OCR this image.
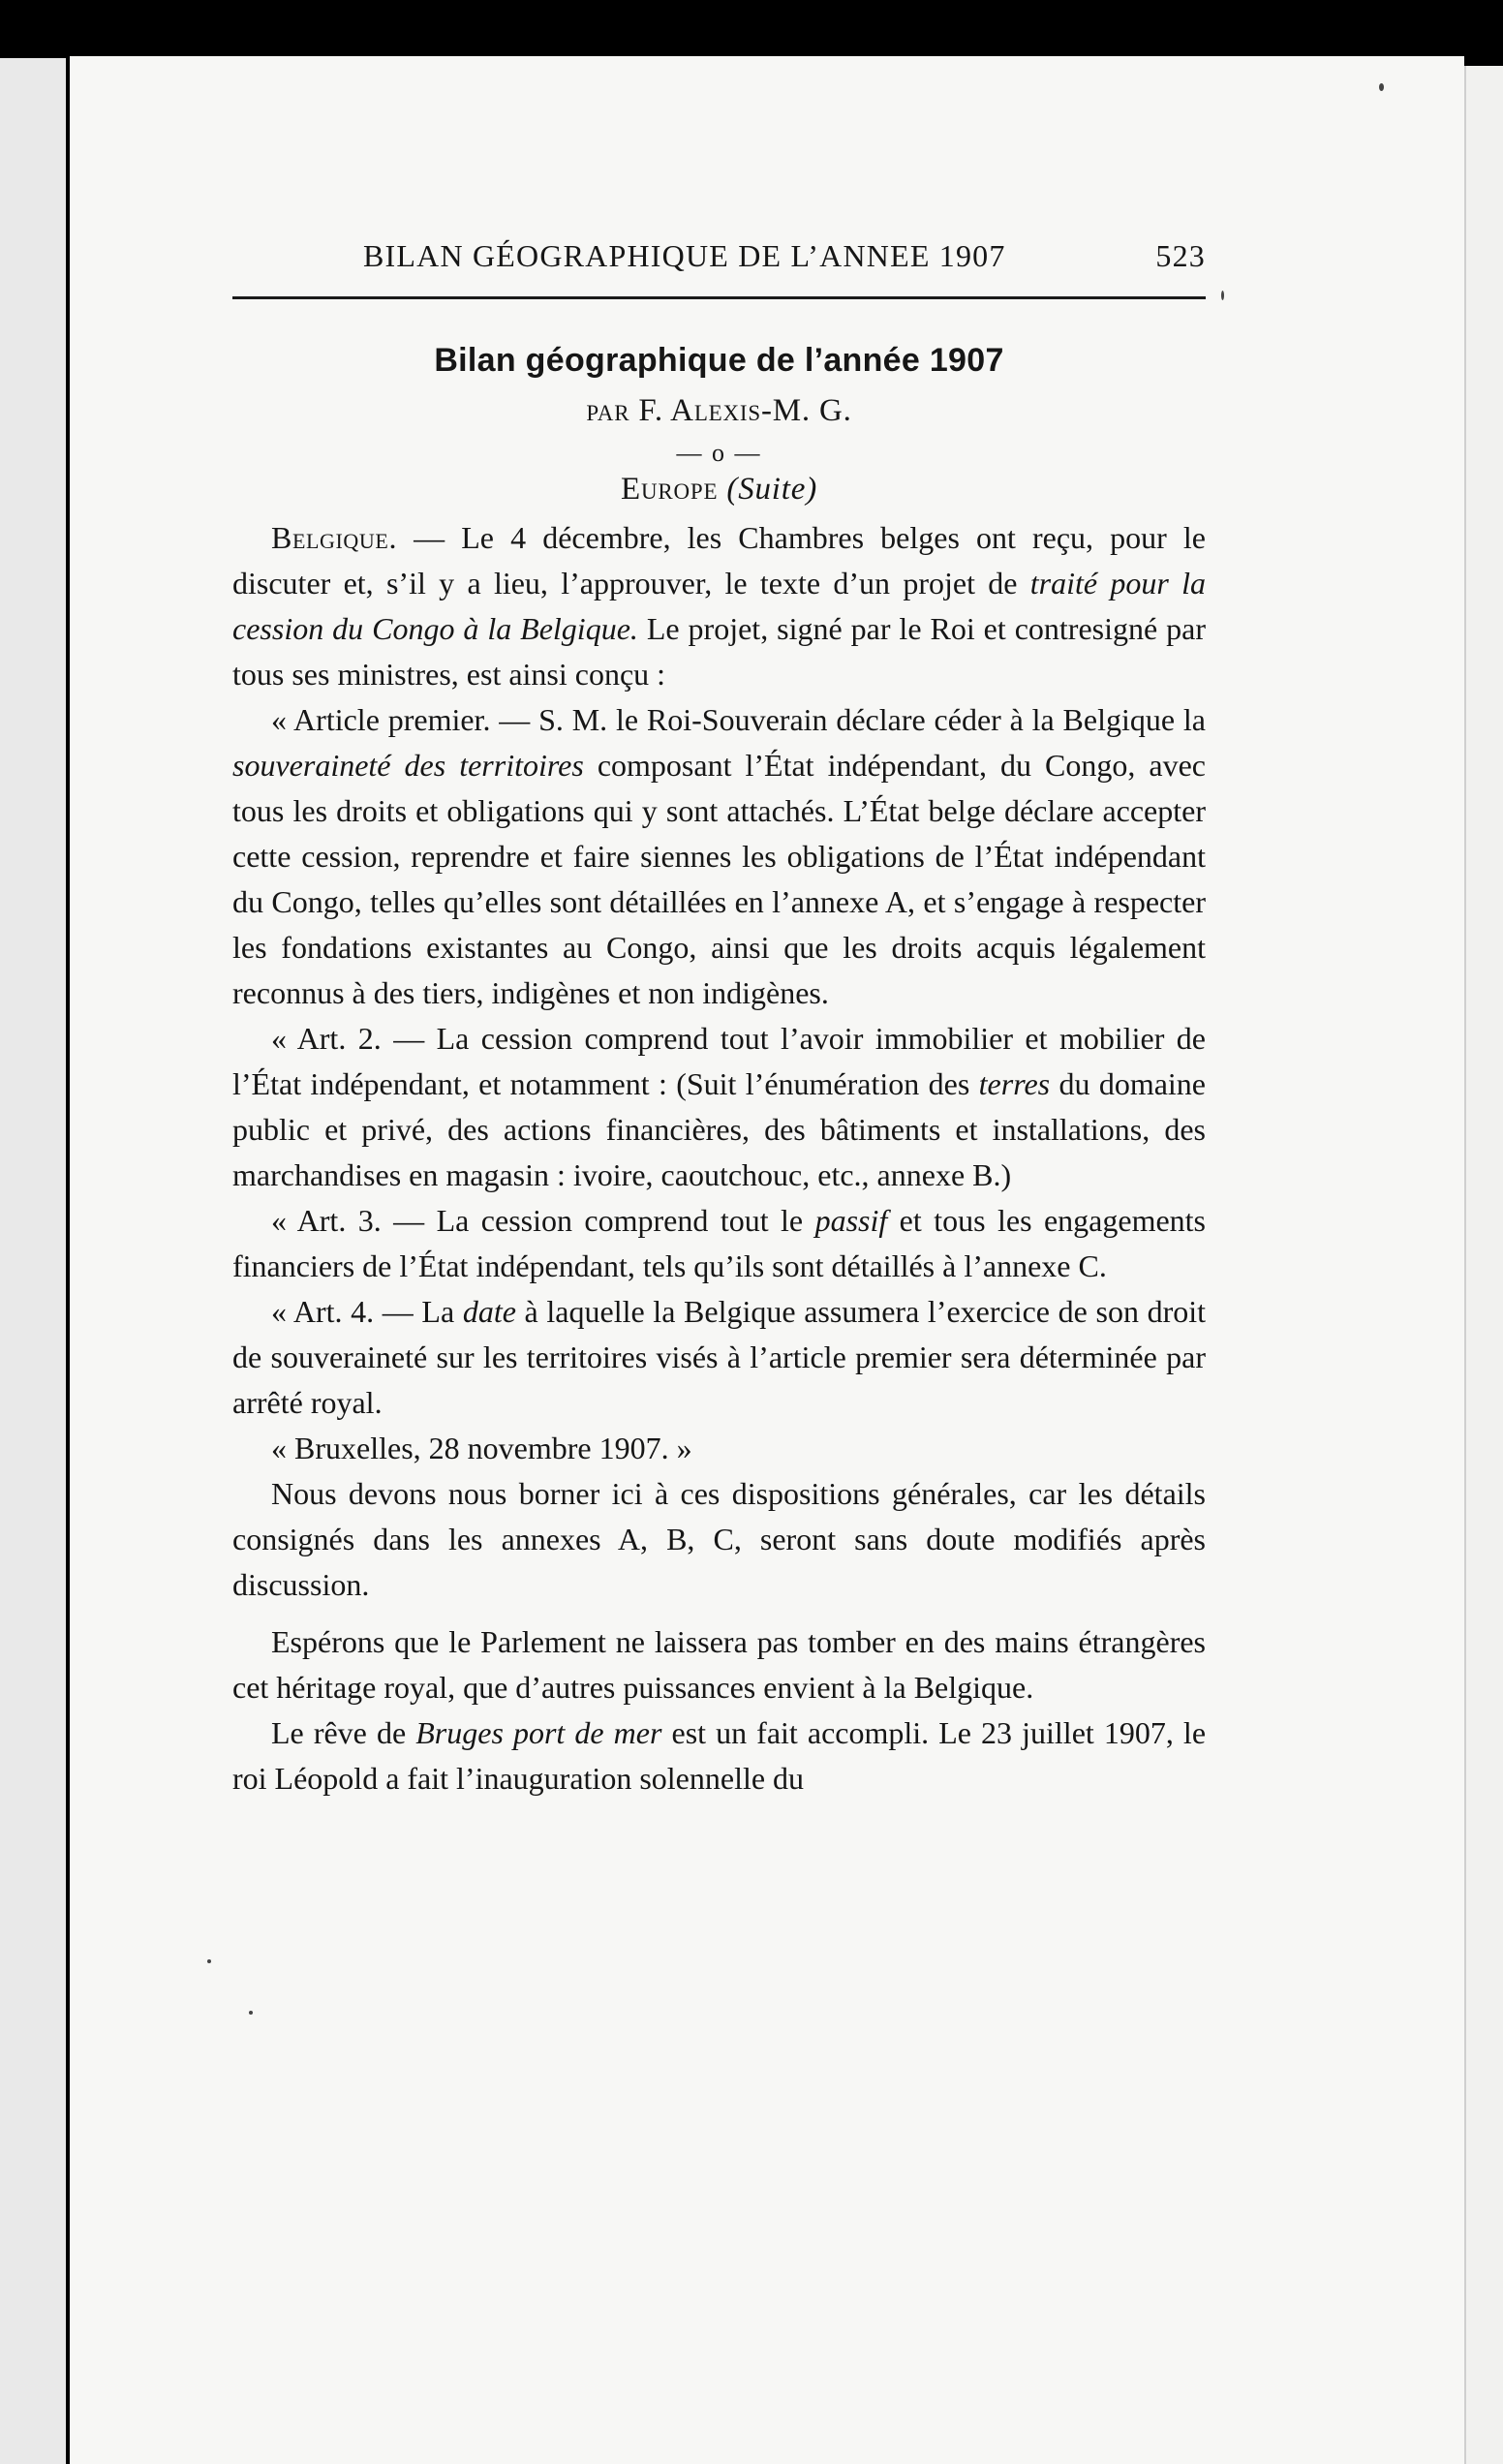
BILAN GÉOGRAPHIQUE DE L’ANNEE 1907	523
Bilan géographique de l’année 1907
par F. Alexis-M. G.
— o —
Europe (Suite)

Belgique. — Le 4 décembre, les Chambres belges ont reçu, pour le discuter et, s’il y a lieu, l’approuver, le texte d’un projet de traité pour la cession du Congo à la Belgique. Le projet, signé par le Roi et contresigné par tous ses ministres, est ainsi conçu :

« Article premier. — S. M. le Roi-Souverain déclare céder à la Belgique la souveraineté des territoires composant l’État indépendant, du Congo, avec tous les droits et obligations qui y sont attachés. L’État belge déclare accepter cette cession, reprendre et faire siennes les obligations de l’État indépendant du Congo, telles qu’elles sont détaillées en l’annexe A, et s’engage à respecter les fondations existantes au Congo, ainsi que les droits acquis légalement reconnus à des tiers, indigènes et non indigènes.

« Art. 2. — La cession comprend tout l’avoir immobilier et mobilier de l’État indépendant, et notamment : (Suit l’énumération des terres du domaine public et privé, des actions financières, des bâtiments et installations, des marchandises en magasin : ivoire, caoutchouc, etc., annexe B.)

« Art. 3. — La cession comprend tout le passif et tous les engagements financiers de l’État indépendant, tels qu’ils sont détaillés à l’annexe C.

« Art. 4. — La date à laquelle la Belgique assumera l’exercice de son droit de souveraineté sur les territoires visés à l’article premier sera déterminée par arrêté royal.

« Bruxelles, 28 novembre 1907. »

Nous devons nous borner ici à ces dispositions générales, car les détails consignés dans les annexes A, B, C, seront sans doute modifiés après discussion.

Espérons que le Parlement ne laissera pas tomber en des mains étrangères cet héritage royal, que d’autres puissances envient à la Belgique.

Le rêve de Bruges port de mer est un fait accompli. Le 23 juillet 1907, le roi Léopold a fait l’inauguration solennelle du
